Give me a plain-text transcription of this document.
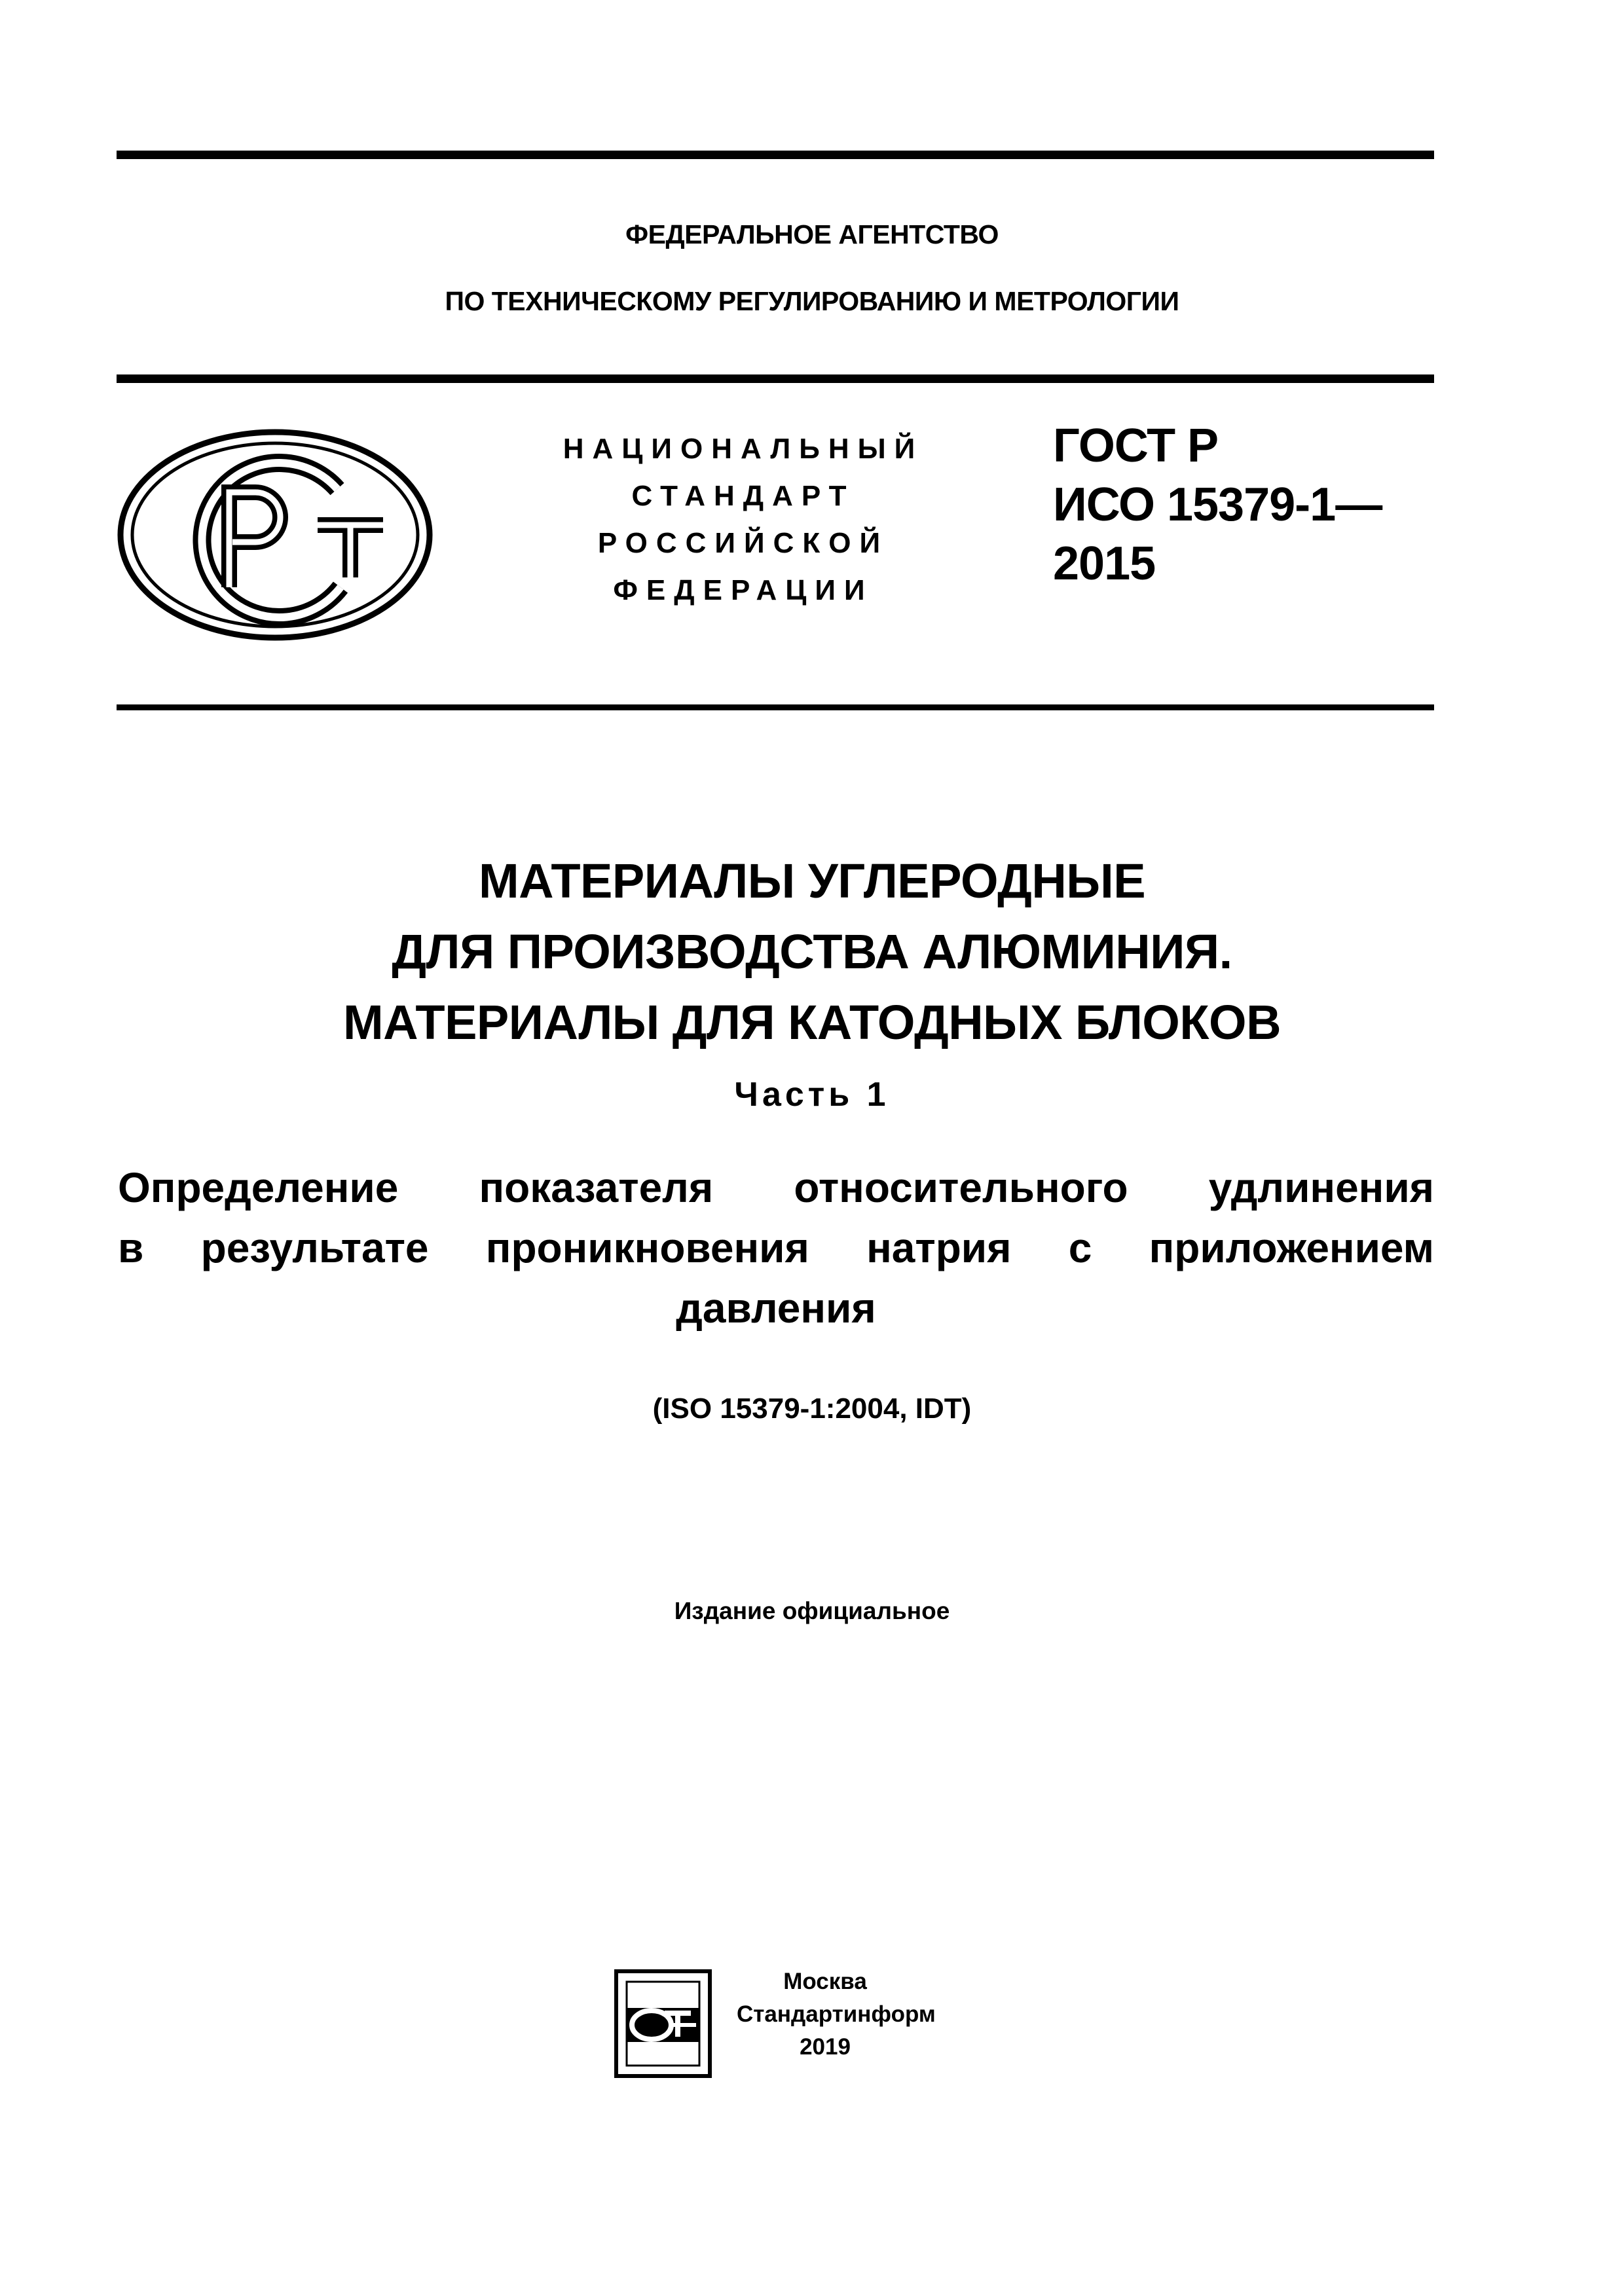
ФЕДЕРАЛЬНОЕ АГЕНТСТВО
ПО ТЕХНИЧЕСКОМУ РЕГУЛИРОВАНИЮ И МЕТРОЛОГИИ
НАЦИОНАЛЬНЫЙ
СТАНДАРТ
РОССИЙСКОЙ
ФЕДЕРАЦИИ
ГОСТ Р
ИСО 15379-1—
2015
МАТЕРИАЛЫ УГЛЕРОДНЫЕ
ДЛЯ ПРОИЗВОДСТВА АЛЮМИНИЯ.
МАТЕРИАЛЫ ДЛЯ КАТОДНЫХ БЛОКОВ
Часть 1
Определение показателя относительного удлинения
в результате проникновения натрия с приложением
давления
(ISO 15379-1:2004, IDT)
Издание официальное
Москва
Стандартинформ
2019
